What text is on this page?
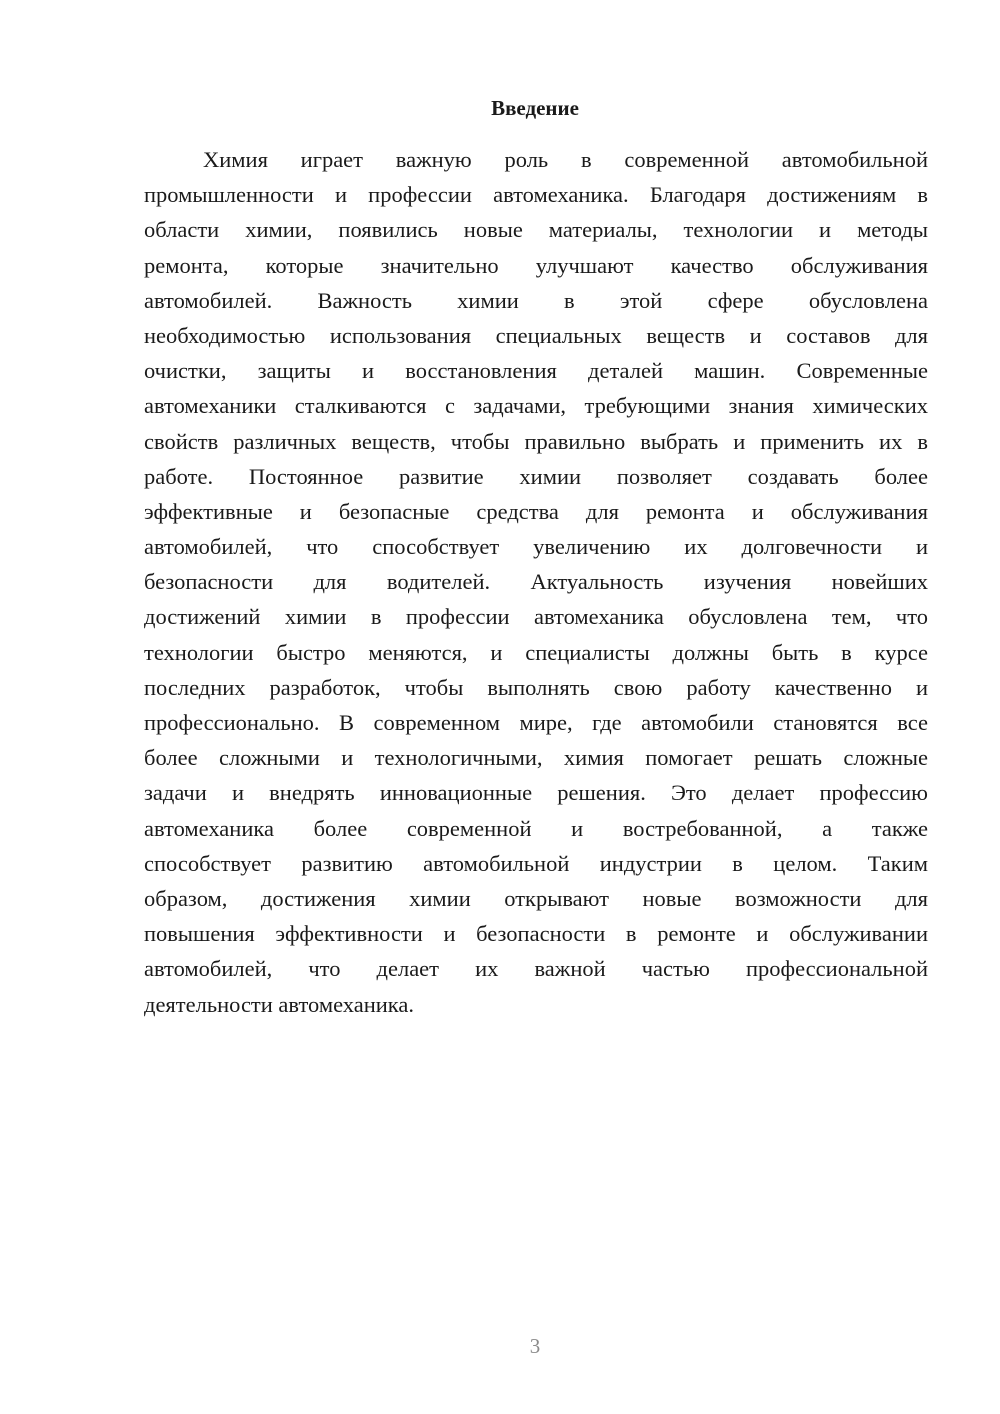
Введение
Химия играет важную роль в современной автомобильной
промышленности и профессии автомеханика. Благодаря достижениям в
области химии, появились новые материалы, технологии и методы
ремонта, которые значительно улучшают качество обслуживания
автомобилей. Важность химии в этой сфере обусловлена
необходимостью использования специальных веществ и составов для
очистки, защиты и восстановления деталей машин. Современные
автомеханики сталкиваются с задачами, требующими знания химических
свойств различных веществ, чтобы правильно выбрать и применить их в
работе. Постоянное развитие химии позволяет создавать более
эффективные и безопасные средства для ремонта и обслуживания
автомобилей, что способствует увеличению их долговечности и
безопасности для водителей. Актуальность изучения новейших
достижений химии в профессии автомеханика обусловлена тем, что
технологии быстро меняются, и специалисты должны быть в курсе
последних разработок, чтобы выполнять свою работу качественно и
профессионально. В современном мире, где автомобили становятся все
более сложными и технологичными, химия помогает решать сложные
задачи и внедрять инновационные решения. Это делает профессию
автомеханика более современной и востребованной, а также
способствует развитию автомобильной индустрии в целом. Таким
образом, достижения химии открывают новые возможности для
повышения эффективности и безопасности в ремонте и обслуживании
автомобилей, что делает их важной частью профессиональной
деятельности автомеханика.
3
